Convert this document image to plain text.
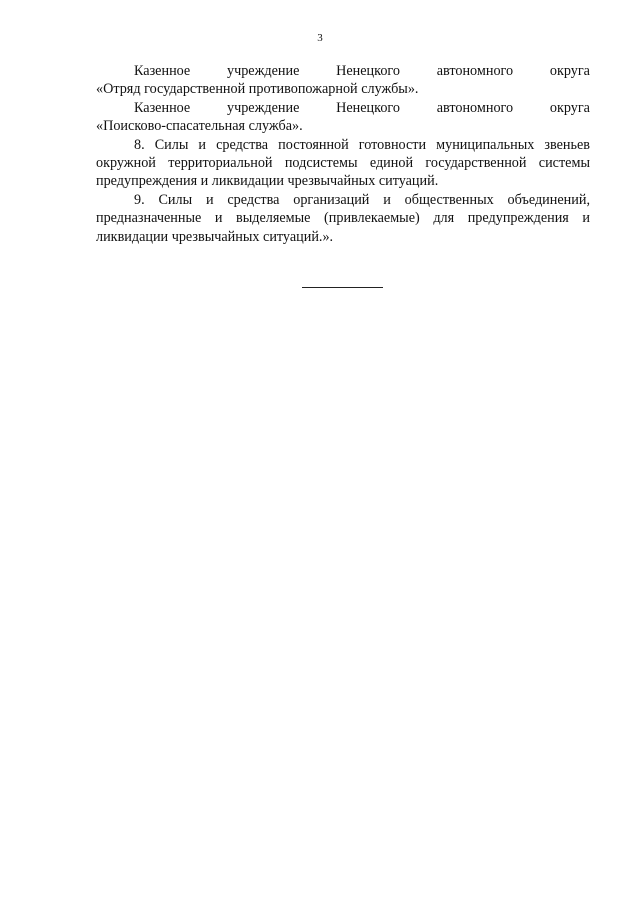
3
Казенное	учреждение	Ненецкого	автономного	округа
«Отряд государственной противопожарной службы».
Казенное	учреждение	Ненецкого	автономного	округа
«Поисково-спасательная служба».

8. Силы и средства постоянной готовности муниципальных звеньев окружной территориальной подсистемы единой государственной системы предупреждения и ликвидации чрезвычайных ситуаций.

9. Силы и средства организаций и общественных объединений, предназначенные и выделяемые (привлекаемые) для предупреждения и ликвидации чрезвычайных ситуаций.».
